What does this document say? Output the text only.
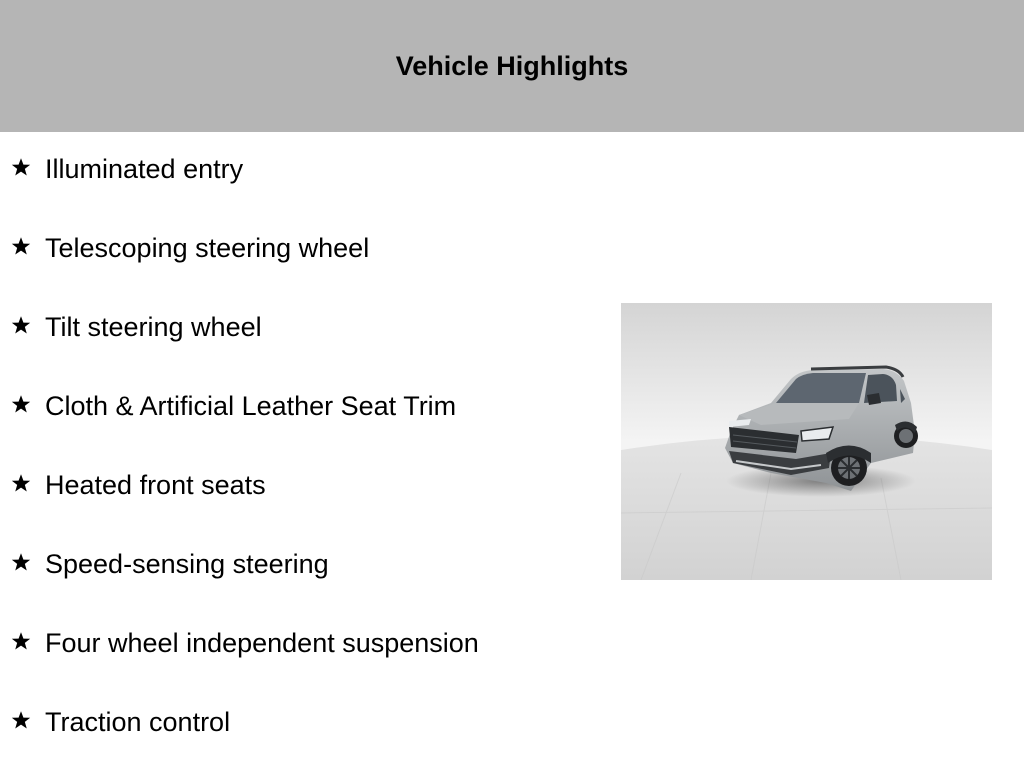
Vehicle Highlights
Illuminated entry
Telescoping steering wheel
Tilt steering wheel
Cloth & Artificial Leather Seat Trim
Heated front seats
Speed-sensing steering
Four wheel independent suspension
Traction control
